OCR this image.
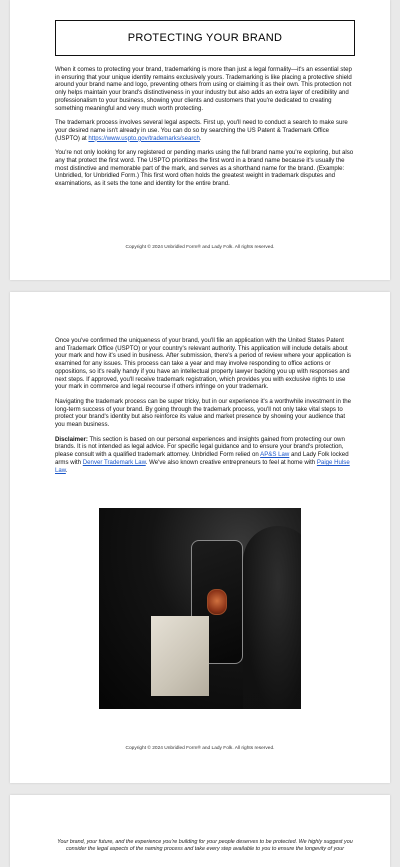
PROTECTING YOUR BRAND

When it comes to protecting your brand, trademarking is more than just a legal formality—it's an essential step in ensuring that your unique identity remains exclusively yours. Trademarking is like placing a protective shield around your brand name and logo, preventing others from using or claiming it as their own. This protection not only helps maintain your brand's distinctiveness in your industry but also adds an extra layer of credibility and professionalism to your business, showing your clients and customers that you're dedicated to creating something meaningful and very much worth protecting.

The trademark process involves several legal aspects. First up, you'll need to conduct a search to make sure your desired name isn't already in use. You can do so by searching the US Patent & Trademark Office (USPTO) at https://www.uspto.gov/trademarks/search.

You're not only looking for any registered or pending marks using the full brand name you're exploring, but also any that protect the first word. The USPTO prioritizes the first word in a brand name because it's usually the most distinctive and memorable part of the mark, and serves as a shorthand name for the brand. (Example: Unbridled, for Unbridled Form.) This first word often holds the greatest weight in trademark disputes and examinations, as it sets the tone and identity for the entire brand.

Copyright © 2024 Unbridled Form® and Lady Folk. All rights reserved.

Once you've confirmed the uniqueness of your brand, you'll file an application with the United States Patent and Trademark Office (USPTO) or your country's relevant authority. This application will include details about your mark and how it's used in business. After submission, there's a period of review where your application is examined for any issues. This process can take a year and may involve responding to office actions or oppositions, so it's really handy if you have an intellectual property lawyer backing you up with responses and next steps. If approved, you'll receive trademark registration, which provides you with exclusive rights to use your mark in commerce and legal recourse if others infringe on your trademark.

Navigating the trademark process can be super tricky, but in our experience it's a worthwhile investment in the long-term success of your brand. By going through the trademark process, you'll not only take vital steps to protect your brand's identity but also reinforce its value and market presence by showing your audience that you mean business.

Disclaimer: This section is based on our personal experiences and insights gained from protecting our own brands. It is not intended as legal advice. For specific legal guidance and to ensure your brand's protection, please consult with a qualified trademark attorney. Unbridled Form relied on AP&S Law and Lady Folk locked arms with Denver Trademark Law. We've also known creative entrepreneurs to feel at home with Paige Hulse Law.

Copyright © 2024 Unbridled Form® and Lady Folk. All rights reserved.
Your brand, your future, and the experience you're building for your people deserves to be protected. We highly suggest you consider the legal aspects of the naming process and take every step available to you to ensure the longevity of your
